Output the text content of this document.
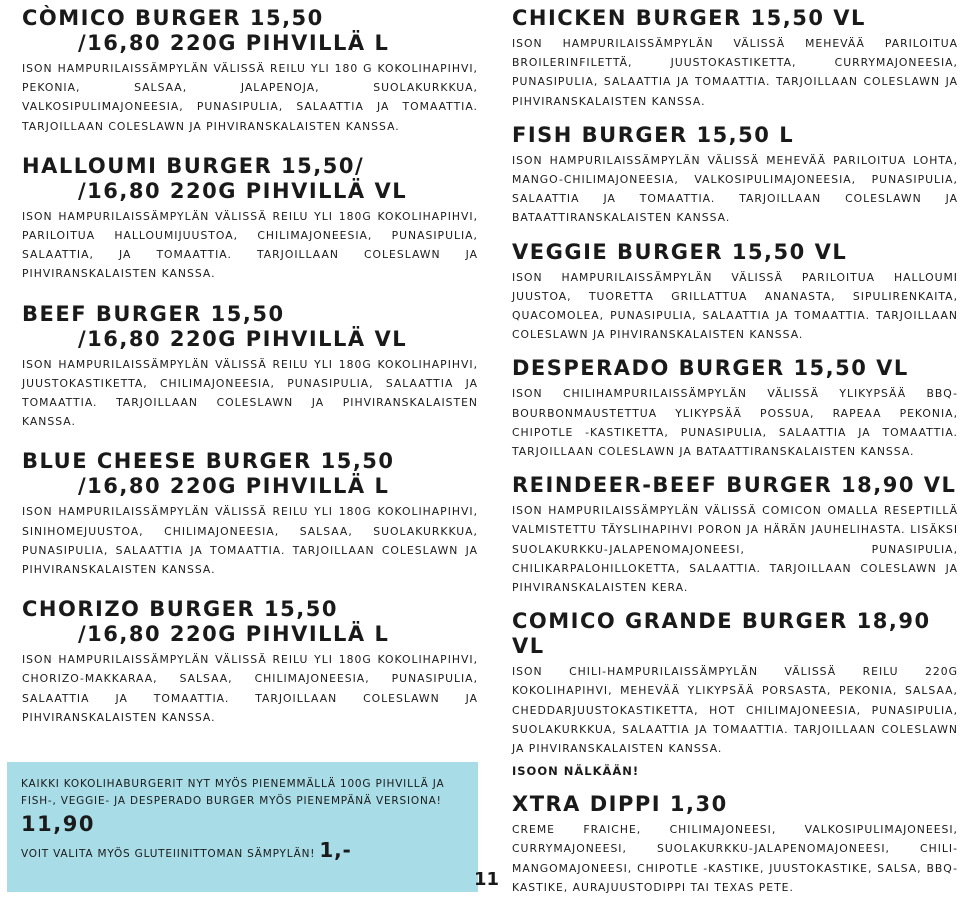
CÒMICO BURGER 15,50
/16,80 220G PIHVILLÄ L

ISON HAMPURILAISSÄMPYLÄN VÄLISSÄ REILU YLI 180 G KOKOLIHAPIHVI, PEKONIA, SALSAA, JALAPENOJA, SUOLAKURKKUA, VALKOSIPULIMAJONEESIA, PUNASIPULIA, SALAATTIA JA TOMAATTIA. TARJOILLAAN COLESLAWN JA PIHVIRANSKALAISTEN KANSSA.

HALLOUMI BURGER 15,50/
/16,80 220G PIHVILLÄ VL

ISON HAMPURILAISSÄMPYLÄN VÄLISSÄ REILU YLI 180G KOKOLIHAPIHVI, PARILOITUA HALLOUMIJUUSTOA, CHILIMAJONEESIA, PUNASIPULIA, SALAATTIA, JA TOMAATTIA. TARJOILLAAN COLESLAWN JA PIHVIRANSKALAISTEN KANSSA.

BEEF BURGER 15,50
/16,80 220G PIHVILLÄ VL

ISON HAMPURILAISSÄMPYLÄN VÄLISSÄ REILU YLI 180G KOKOLIHAPIHVI, JUUSTOKASTIKETTA, CHILIMAJONEESIA, PUNASIPULIA, SALAATTIA JA TOMAATTIA. TARJOILLAAN COLESLAWN JA PIHVIRANSKALAISTEN KANSSA.

BLUE CHEESE BURGER 15,50
/16,80 220G PIHVILLÄ L

ISON HAMPURILAISSÄMPYLÄN VÄLISSÄ REILU YLI 180G KOKOLIHAPIHVI, SINIHOMEJUUSTOA, CHILIMAJONEESIA, SALSAA, SUOLAKURKKUA, PUNASIPULIA, SALAATTIA JA TOMAATTIA. TARJOILLAAN COLESLAWN JA PIHVIRANSKALAISTEN KANSSA.

CHORIZO BURGER 15,50
/16,80 220G PIHVILLÄ L

ISON HAMPURILAISSÄMPYLÄN VÄLISSÄ REILU YLI 180G KOKOLIHAPIHVI, CHORIZO-MAKKARAA, SALSAA, CHILIMAJONEESIA, PUNASIPULIA, SALAATTIA JA TOMAATTIA. TARJOILLAAN COLESLAWN JA PIHVIRANSKALAISTEN KANSSA.

CHICKEN BURGER 15,50 VL

ISON HAMPURILAISSÄMPYLÄN VÄLISSÄ MEHEVÄÄ PARILOITUA BROILERINFILETTÄ, JUUSTOKASTIKETTA, CURRYMAJONEESIA, PUNASIPULIA, SALAATTIA JA TOMAATTIA. TARJOILLAAN COLESLAWN JA PIHVIRANSKALAISTEN KANSSA.

FISH BURGER 15,50 L

ISON HAMPURILAISSÄMPYLÄN VÄLISSÄ MEHEVÄÄ PARILOITUA LOHTA, MANGO-CHILIMAJONEESIA, VALKOSIPULIMAJONEESIA, PUNASIPULIA, SALAATTIA JA TOMAATTIA. TARJOILLAAN COLESLAWN JA BATAATTIRANSKALAISTEN KANSSA.

VEGGIE BURGER 15,50 VL

ISON HAMPURILAISSÄMPYLÄN VÄLISSÄ PARILOITUA HALLOUMI JUUSTOA, TUORETTA GRILLATTUA ANANASTA, SIPULIRENKAITA, QUACOMOLEA, PUNASIPULIA, SALAATTIA JA TOMAATTIA. TARJOILLAAN COLESLAWN JA PIHVIRANSKALAISTEN KANSSA.

DESPERADO BURGER 15,50 VL

ISON CHILIHAMPURILAISSÄMPYLÄN VÄLISSÄ YLIKYPSÄÄ BBQ-BOURBONMAUSTETTUA YLIKYPSÄÄ POSSUA, RAPEAA PEKONIA, CHIPOTLE -KASTIKETTA, PUNASIPULIA, SALAATTIA JA TOMAATTIA. TARJOILLAAN COLESLAWN JA BATAATTIRANSKALAISTEN KANSSA.

REINDEER-BEEF BURGER 18,90 VL

ISON HAMPURILAISSÄMPYLÄN VÄLISSÄ COMICON OMALLA RESEPTILLÄ VALMISTETTU TÄYSLIHAPIHVI PORON JA HÄRÄN JAUHELIHASTA. LISÄKSI SUOLAKURKKU-JALAPENOMAJONEESI, PUNASIPULIA, CHILIKARPALOHILLOKETTA, SALAATTIA. TARJOILLAAN COLESLAWN JA PIHVIRANSKALAISTEN KERA.

COMICO GRANDE BURGER 18,90 VL

ISON CHILI-HAMPURILAISSÄMPYLÄN VÄLISSÄ REILU 220G KOKOLIHAPIHVI, MEHEVÄÄ YLIKYPSÄÄ PORSASTA, PEKONIA, SALSAA, CHEDDARJUUSTOKASTIKETTA, HOT CHILIMAJONEESIA, PUNASIPULIA, SUOLAKURKKUA, SALAATTIA JA TOMAATTIA. TARJOILLAAN COLESLAWN JA PIHVIRANSKALAISTEN KANSSA.

ISOON NÄLKÄÄN!

XTRA DIPPI 1,30

CREME FRAICHE, CHILIMAJONEESI, VALKOSIPULIMAJONEESI, CURRYMAJONEESI, SUOLAKURKKU-JALAPENOMAJONEESI, CHILI-MANGOMAJONEESI, CHIPOTLE -KASTIKE, JUUSTOKASTIKE, SALSA, BBQ-KASTIKE, AURAJUUSTODIPPI TAI TEXAS PETE.

KAIKKI KOKOLIHABURGERIT NYT MYÖS PIENEMMÄLLÄ 100G PIHVILLÄ JA

FISH-, VEGGIE- JA DESPERADO BURGER MYÖS PIENEMPÄNÄ VERSIONA!

11,90

VOIT VALITA MYÖS GLUTEIINITTOMAN SÄMPYLÄN! 1,-

11
